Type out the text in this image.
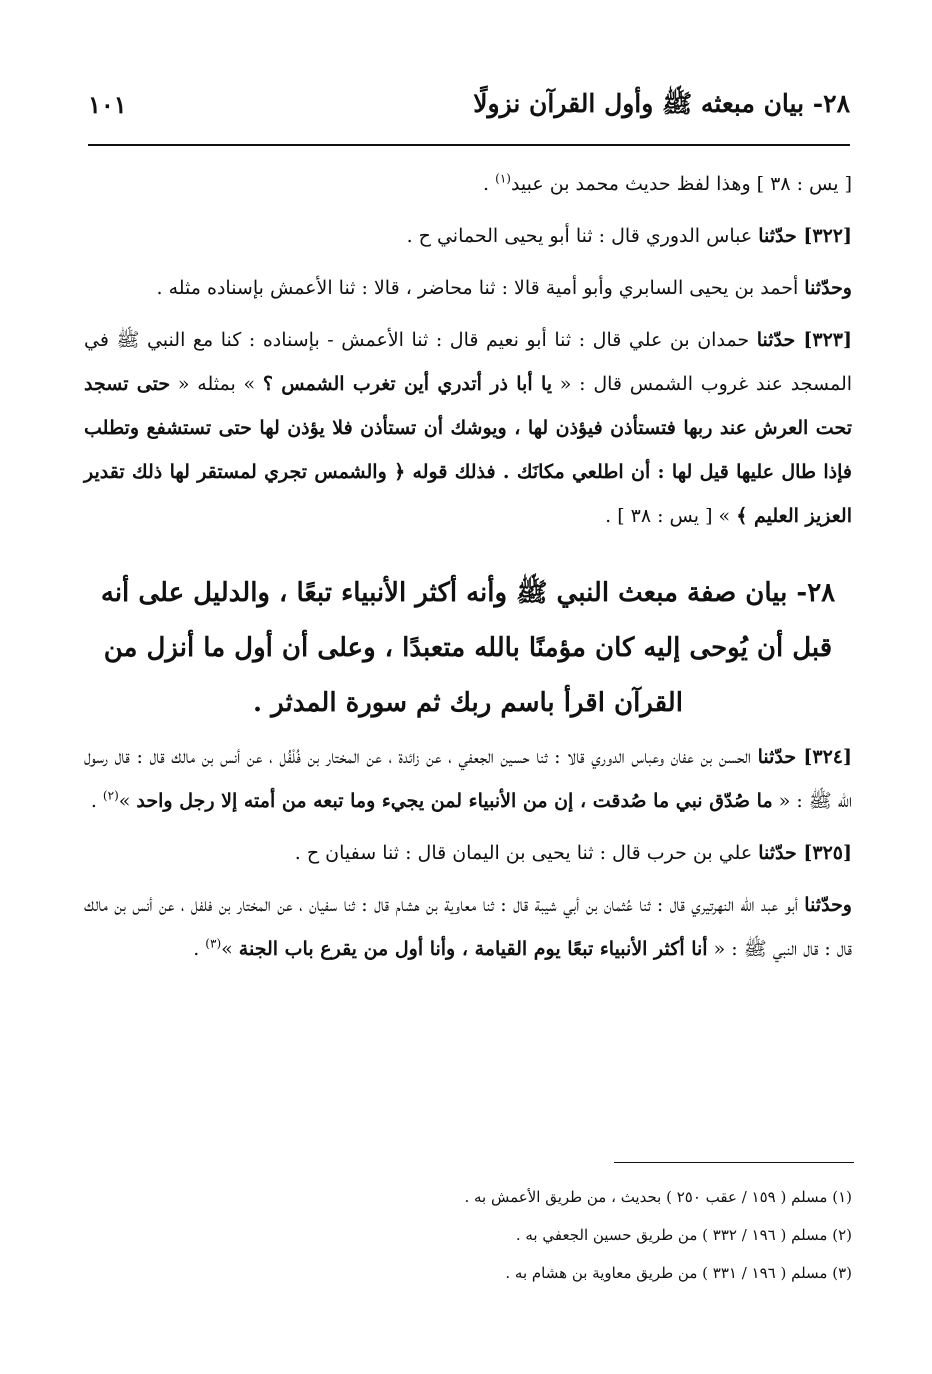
٢٨- بيان مبعثه ﷺ وأول القرآن نزولًا
١٠١

[ يس : ٣٨ ] وهذا لفظ حديث محمد بن عبيد$^{(١)}$ .

[٣٢٢] حدّثنا عباس الدوري قال : ثنا أبو يحيى الحماني ح .

وحدّثنا أحمد بن يحيى السابري وأبو أمية قالا : ثنا محاضر ، قالا : ثنا الأعمش بإسناده مثله .

[٣٢٣] حدّثنا حمدان بن علي قال : ثنا أبو نعيم قال : ثنا الأعمش - بإسناده : كنا مع النبي ﷺ في المسجد عند غروب الشمس قال : « يا أبا ذر أتدري أين تغرب الشمس ؟ » بمثله « حتى تسجد تحت العرش عند ربها فتستأذن فيؤذن لها ، ويوشك أن تستأذن فلا يؤذن لها حتى تستشفع وتطلب فإذا طال عليها قيل لها : أن اطلعي مكانَك . فذلك قوله ﴿ والشمس تجري لمستقر لها ذلك تقدير العزيز العليم ﴾ » [ يس : ٣٨ ] .

٢٨- بيان صفة مبعث النبي ﷺ وأنه أكثر الأنبياء تبعًا ، والدليل على أنه قبل أن يُوحى إليه كان مؤمنًا بالله متعبدًا ، وعلى أن أول ما أنزل من القرآن اقرأ باسم ربك ثم سورة المدثر .

[٣٢٤] حدّثنا الحسن بن عفان وعباس الدوري قالا : ثنا حسين الجعفي ، عن زائدة ، عن المختار بن فُلْفُل ، عن أنس بن مالك قال : قال رسول الله ﷺ : « ما صُدّق نبي ما صُدقت ، إن من الأنبياء لمن يجيء وما تبعه من أمته إلا رجل واحد »$^{(٢)}$ .

[٣٢٥] حدّثنا علي بن حرب قال : ثنا يحيى بن اليمان قال : ثنا سفيان ح .

وحدّثنا أبو عبد الله النهرتيري قال : ثنا عُثمان بن أبي شيبة قال : ثنا معاوية بن هشام قال : ثنا سفيان ، عن المختار بن فلفل ، عن أنس بن مالك قال : قال النبي ﷺ : « أنا أكثر الأنبياء تبعًا يوم القيامة ، وأنا أول من يقرع باب الجنة »$^{(٣)}$ .

(١) مسلم ( ١٥٩ / عقب ٢٥٠ ) بحديث ، من طريق الأعمش به .

(٢) مسلم ( ١٩٦ / ٣٣٢ ) من طريق حسين الجعفي به .

(٣) مسلم ( ١٩٦ / ٣٣١ ) من طريق معاوية بن هشام به .
